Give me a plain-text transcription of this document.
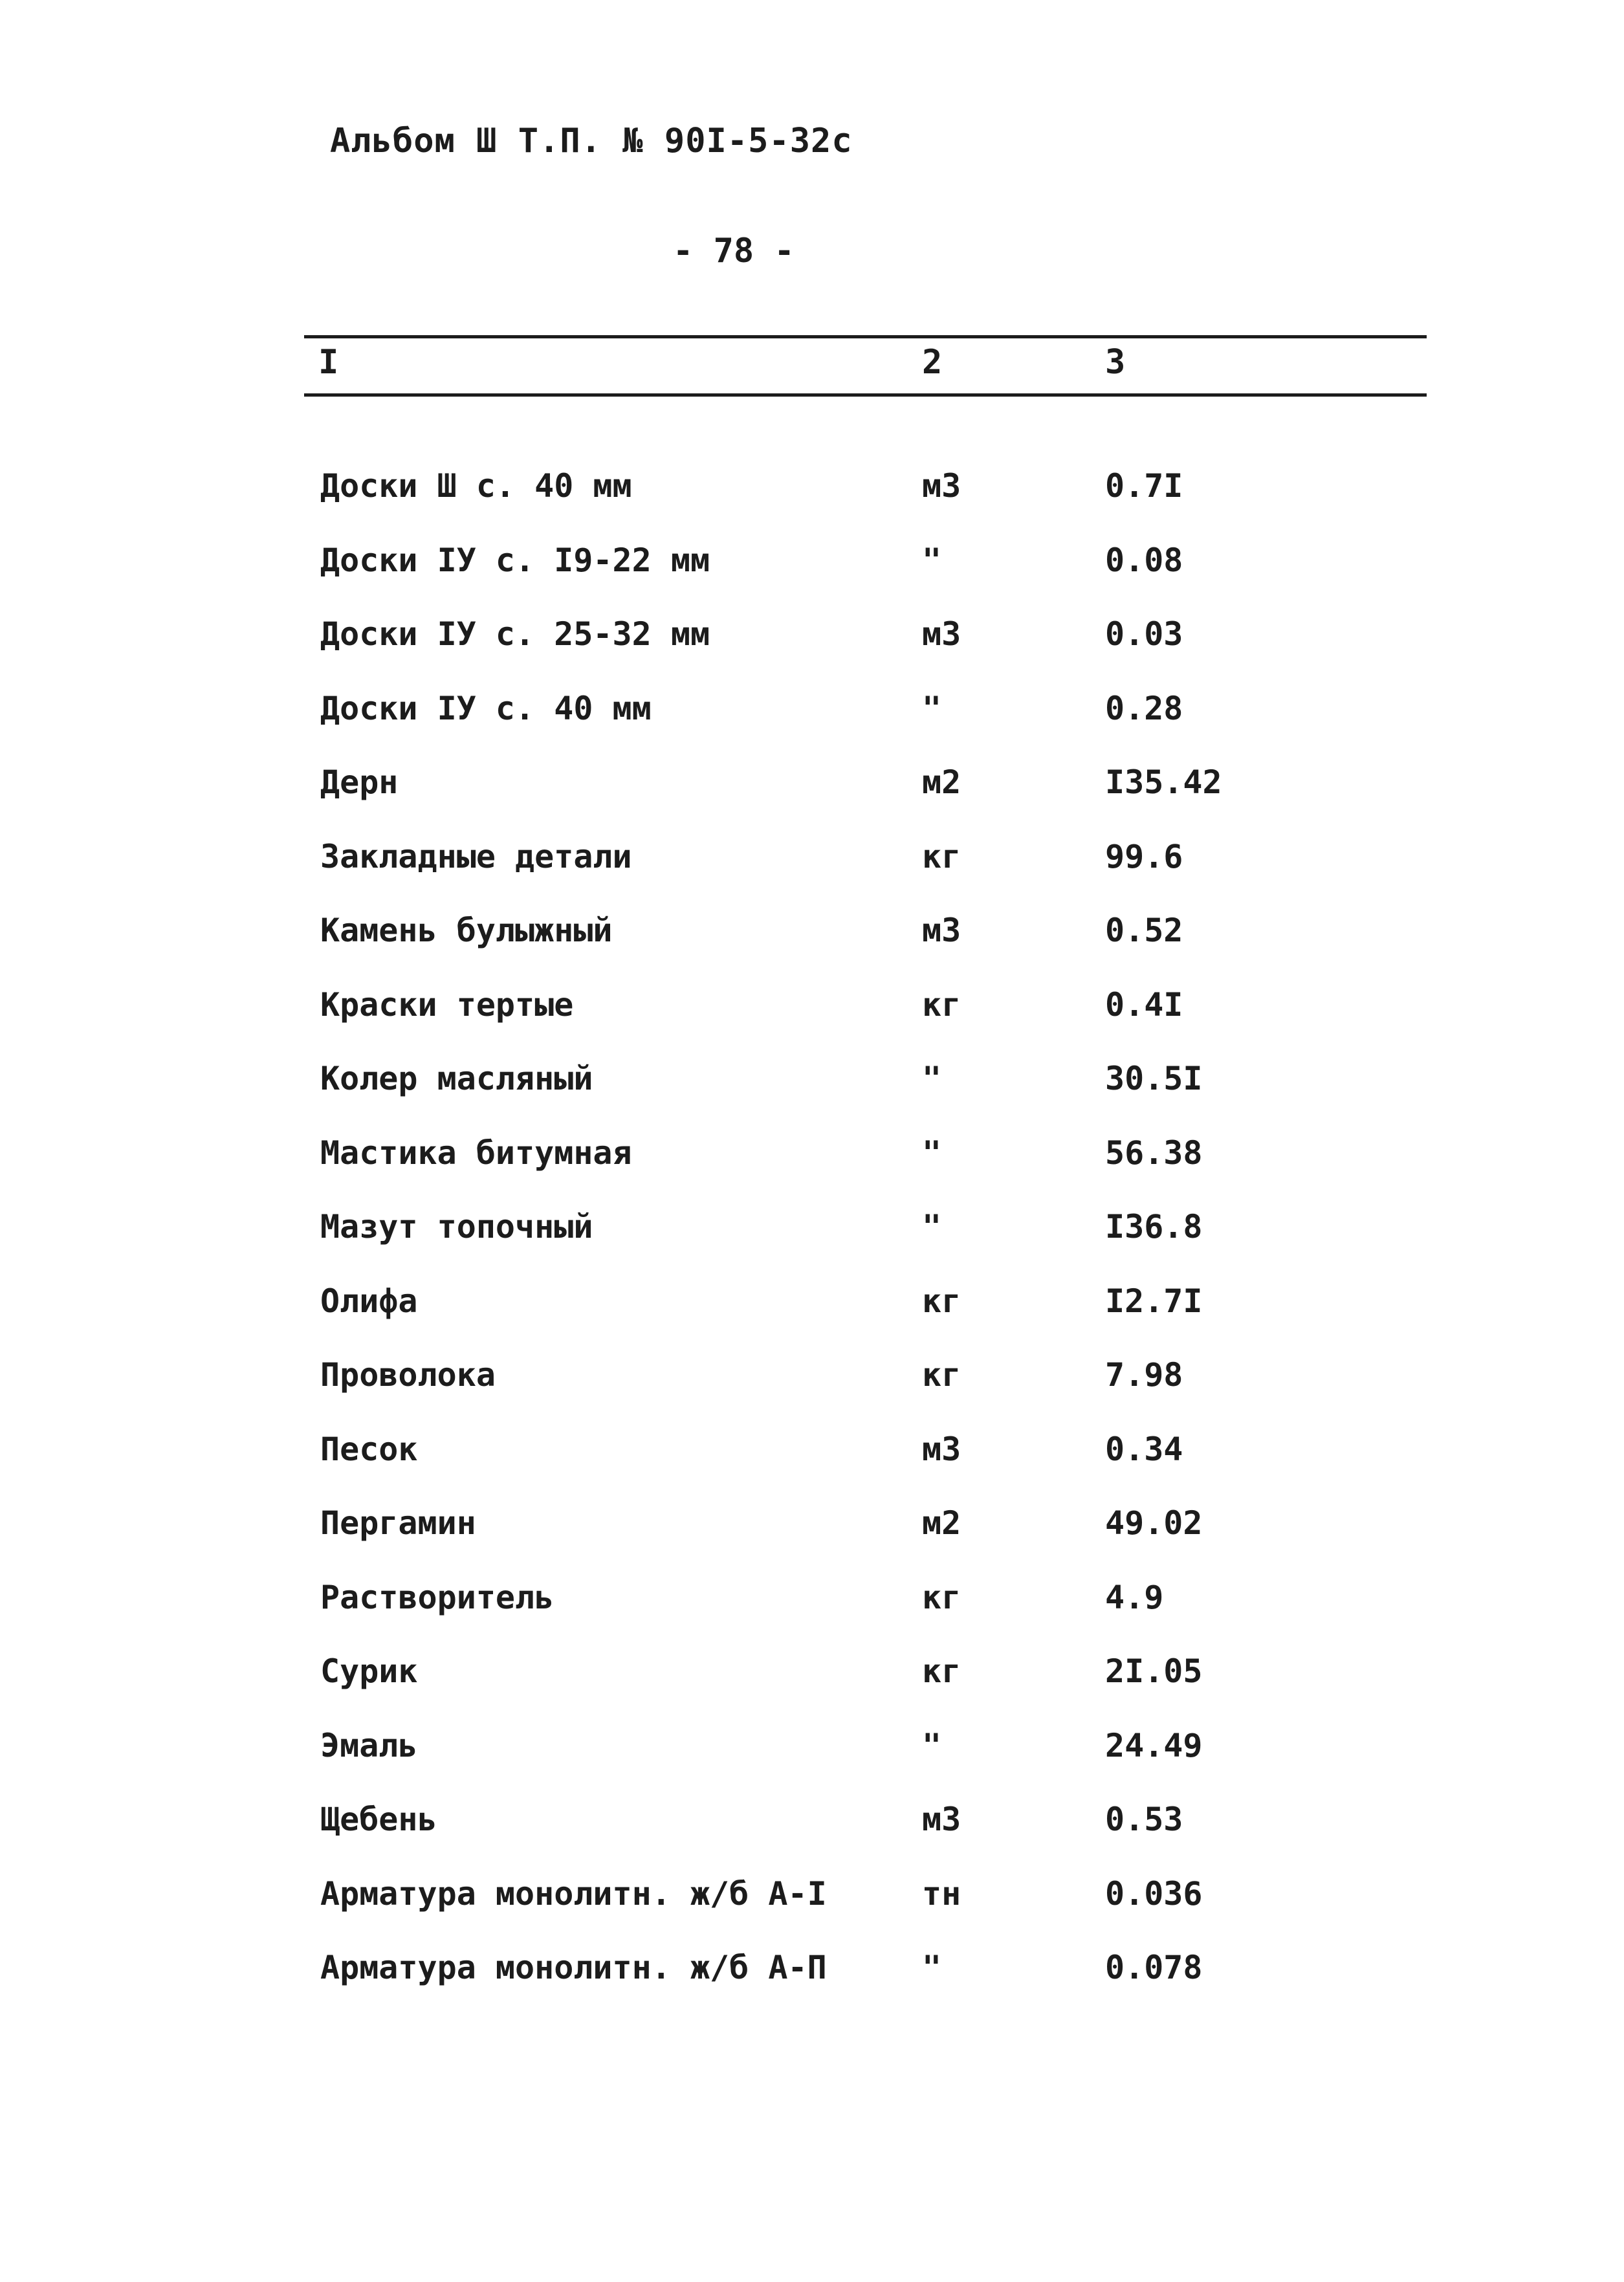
Альбом Ш Т.П. № 90I-5-32с
- 78 -
I	2	3
Доски Ш с. 40 мм	м3	0.7I
Доски IУ с. I9-22 мм	"	0.08
Доски IУ с. 25-32 мм	м3	0.03
Доски IУ с. 40 мм	"	0.28
Дерн	м2	I35.42
Закладные детали	кг	99.6
Камень булыжный	м3	0.52
Краски тертые	кг	0.4I
Колер масляный	"	30.5I
Мастика битумная	"	56.38
Мазут топочный	"	I36.8
Олифа	кг	I2.7I
Проволока	кг	7.98
Песок	м3	0.34
Пергамин	м2	49.02
Растворитель	кг	4.9
Сурик	кг	2I.05
Эмаль	"	24.49
Щебень	м3	0.53
Арматура монолитн. ж/б А-I	тн	0.036
Арматура монолитн. ж/б А-П	"	0.078
